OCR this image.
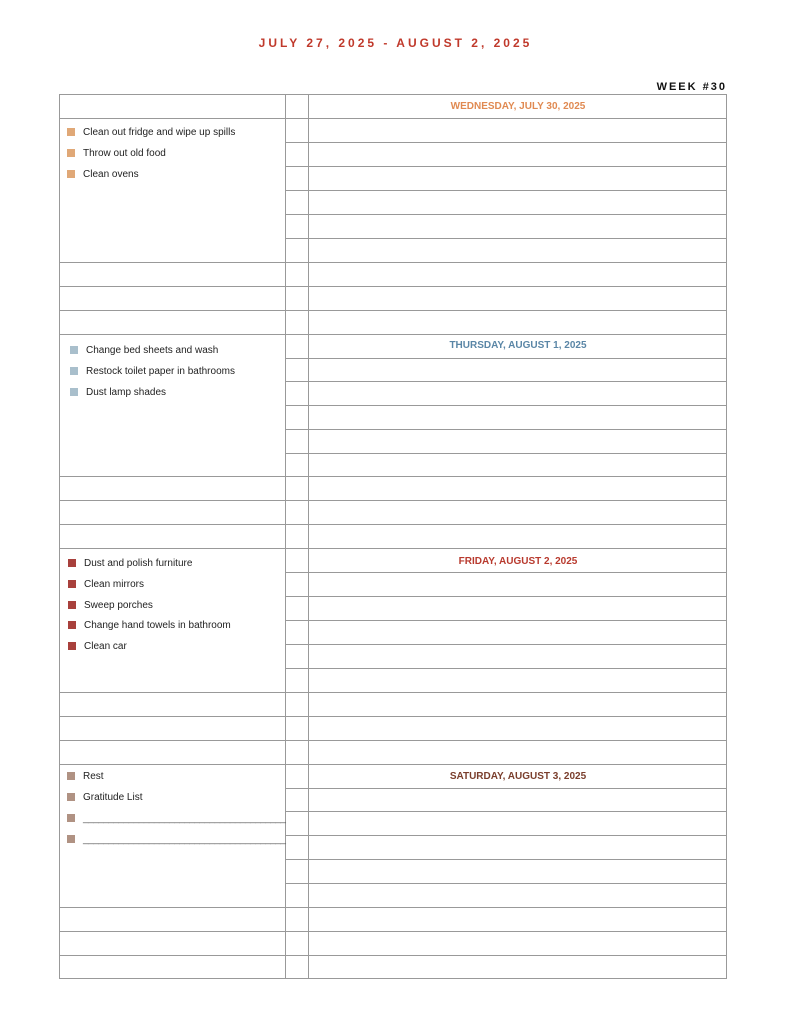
JULY 27, 2025 - AUGUST 2, 2025
WEEK #30
WEDNESDAY, JULY 30, 2025
THURSDAY, AUGUST 1, 2025
FRIDAY, AUGUST 2, 2025
SATURDAY, AUGUST 3, 2025
Clean out fridge and wipe up spills
Throw out old food
Clean ovens
Change bed sheets and wash
Restock toilet paper in bathrooms
Dust lamp shades
Dust and polish furniture
Clean mirrors
Sweep porches
Change hand towels in bathroom
Clean car
Rest
Gratitude List
________________________________________
________________________________________
